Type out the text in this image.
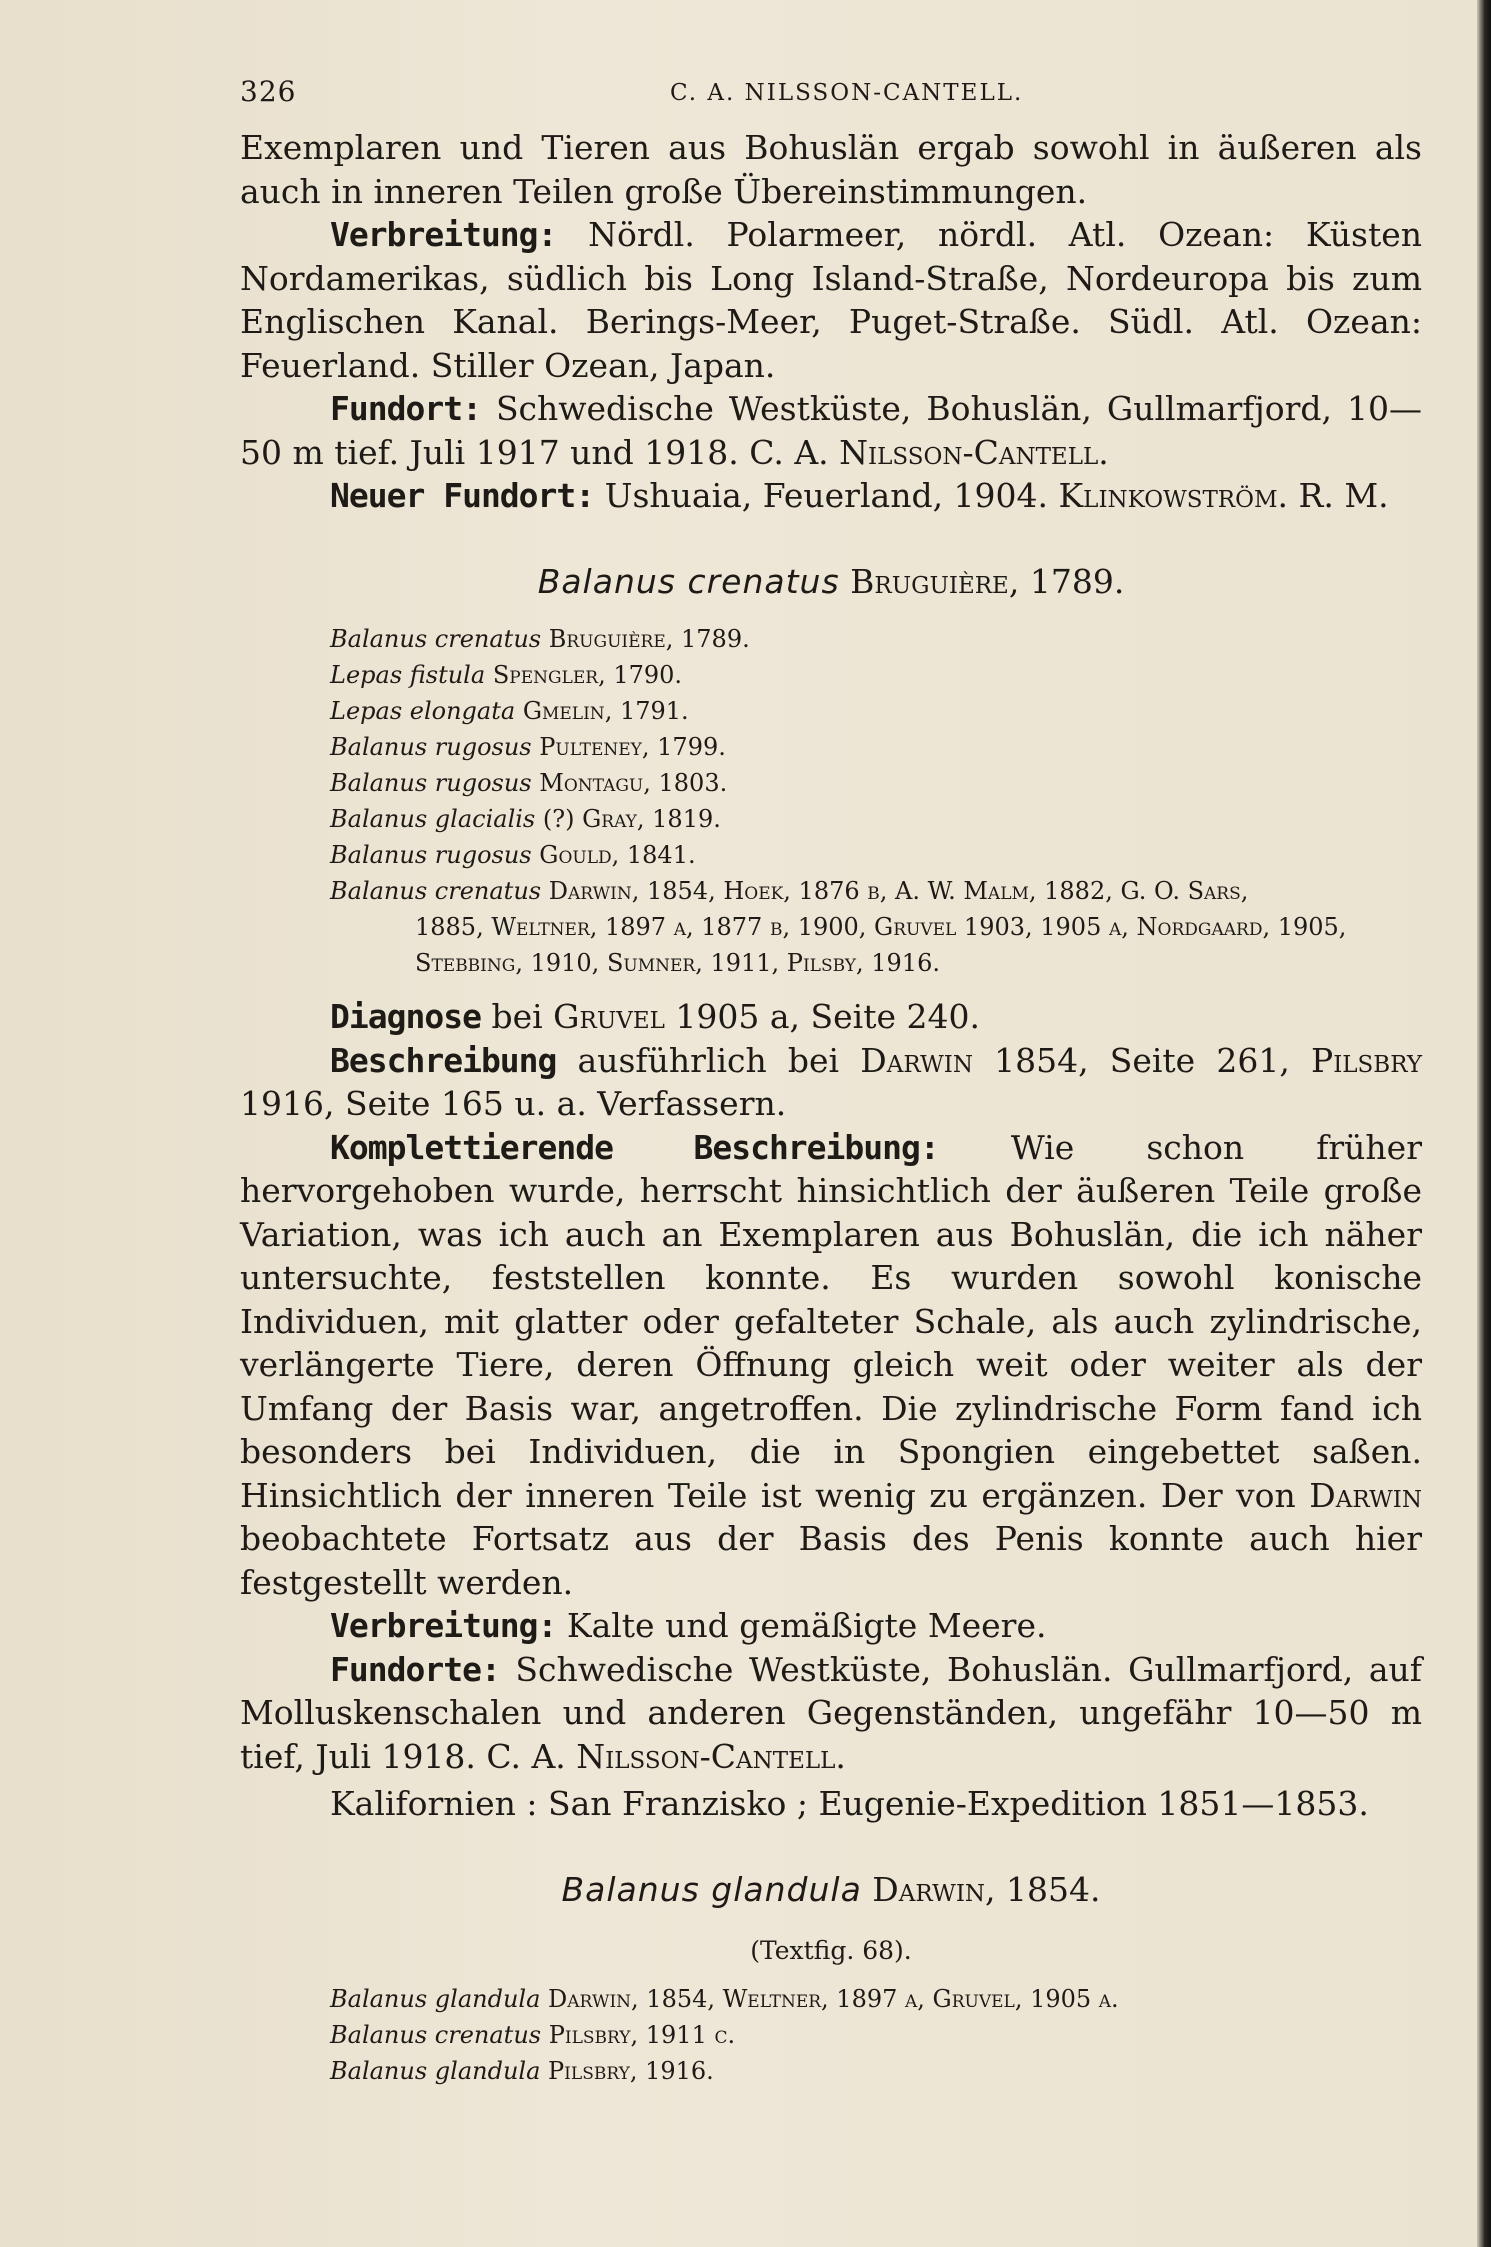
326	C. A. NILSSON-CANTELL.

Exemplaren und Tieren aus Bohuslän ergab sowohl in äußeren als auch in inneren Teilen große Übereinstimmungen.

Verbreitung: Nördl. Polarmeer, nördl. Atl. Ozean: Küsten Nordamerikas, südlich bis Long Island-Straße, Nordeuropa bis zum Englischen Kanal. Berings-Meer, Puget-Straße. Südl. Atl. Ozean: Feuerland. Stiller Ozean, Japan.

Fundort: Schwedische Westküste, Bohuslän, Gullmarfjord, 10—50 m tief. Juli 1917 und 1918. C. A. Nilsson-Cantell.

Neuer Fundort: Ushuaia, Feuerland, 1904. Klinkowström. R. M.

Balanus crenatus Bruguière, 1789.
Balanus crenatus Bruguière, 1789.
Lepas fistula Spengler, 1790.
Lepas elongata Gmelin, 1791.
Balanus rugosus Pulteney, 1799.
Balanus rugosus Montagu, 1803.
Balanus glacialis (?) Gray, 1819.
Balanus rugosus Gould, 1841.
Balanus crenatus Darwin, 1854, Hoek, 1876 b, A. W. Malm, 1882, G. O. Sars,
1885, Weltner, 1897 a, 1877 b, 1900, Gruvel 1903, 1905 a, Nordgaard, 1905,
Stebbing, 1910, Sumner, 1911, Pilsby, 1916.

Diagnose bei Gruvel 1905 a, Seite 240.

Beschreibung ausführlich bei Darwin 1854, Seite 261, Pilsbry 1916, Seite 165 u. a. Verfassern.

Komplettierende Beschreibung: Wie schon früher hervorgehoben wurde, herrscht hinsichtlich der äußeren Teile große Variation, was ich auch an Exemplaren aus Bohuslän, die ich näher untersuchte, feststellen konnte. Es wurden sowohl konische Individuen, mit glatter oder gefalteter Schale, als auch zylindrische, verlängerte Tiere, deren Öffnung gleich weit oder weiter als der Umfang der Basis war, angetroffen. Die zylindrische Form fand ich besonders bei Individuen, die in Spongien eingebettet saßen. Hinsichtlich der inneren Teile ist wenig zu ergänzen. Der von Darwin beobachtete Fortsatz aus der Basis des Penis konnte auch hier festgestellt werden.

Verbreitung: Kalte und gemäßigte Meere.

Fundorte: Schwedische Westküste, Bohuslän. Gullmarfjord, auf Molluskenschalen und anderen Gegenständen, ungefähr 10—50 m tief, Juli 1918. C. A. Nilsson-Cantell.

Kalifornien : San Franzisko ; Eugenie-Expedition 1851—1853.

Balanus glandula Darwin, 1854.
(Textfig. 68).
Balanus glandula Darwin, 1854, Weltner, 1897 a, Gruvel, 1905 a.
Balanus crenatus Pilsbry, 1911 c.
Balanus glandula Pilsbry, 1916.
